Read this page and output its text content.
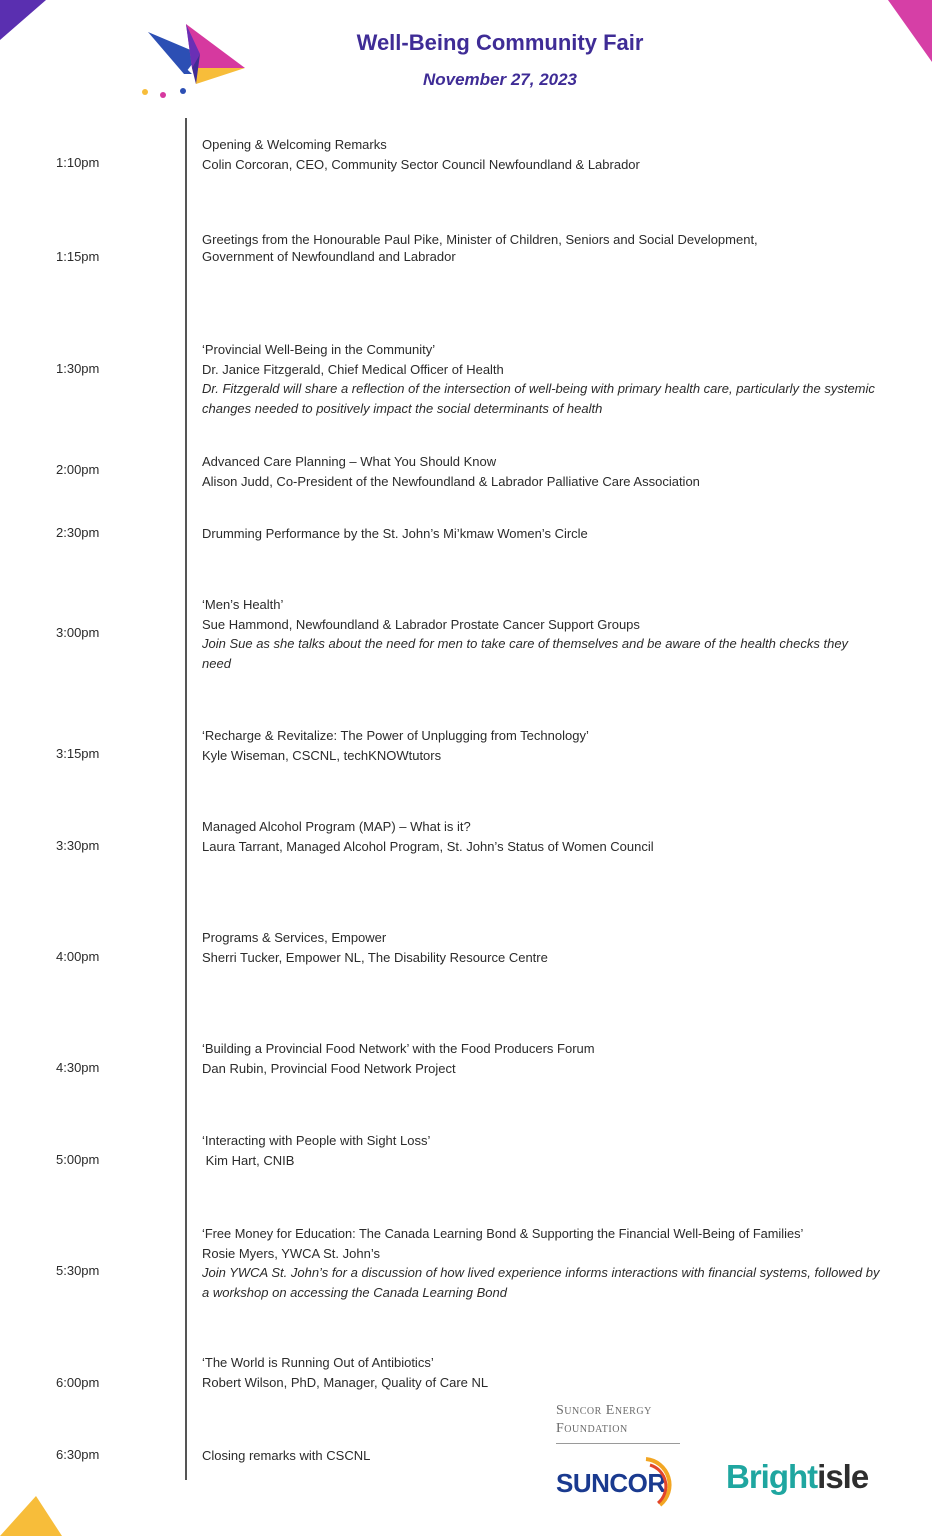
Well-Being Community Fair
November 27, 2023
1:10pm
Opening & Welcoming Remarks
Colin Corcoran, CEO, Community Sector Council Newfoundland & Labrador
1:15pm
Greetings from the Honourable Paul Pike, Minister of Children, Seniors and Social Development,
Government of Newfoundland and Labrador
1:30pm
‘Provincial Well-Being in the Community’
Dr. Janice Fitzgerald, Chief Medical Officer of Health
Dr. Fitzgerald will share a reflection of the intersection of well-being with primary health care, particularly the systemic changes needed to positively impact the social determinants of health
2:00pm
Advanced Care Planning – What You Should Know
Alison Judd, Co-President of the Newfoundland & Labrador Palliative Care Association
2:30pm	Drumming Performance by the St. John’s Mi’kmaw Women’s Circle
3:00pm
‘Men’s Health’
Sue Hammond, Newfoundland & Labrador Prostate Cancer Support Groups
Join Sue as she talks about the need for men to take care of themselves and be aware of the health checks they need
3:15pm
‘Recharge & Revitalize: The Power of Unplugging from Technology’
Kyle Wiseman, CSCNL, techKNOWtutors
3:30pm
Managed Alcohol Program (MAP) – What is it?
Laura Tarrant, Managed Alcohol Program, St. John’s Status of Women Council
4:00pm
Programs & Services, Empower
Sherri Tucker, Empower NL, The Disability Resource Centre
4:30pm
‘Building a Provincial Food Network’ with the Food Producers Forum
Dan Rubin, Provincial Food Network Project
5:00pm
‘Interacting with People with Sight Loss’
Kim Hart, CNIB
5:30pm
‘Free Money for Education: The Canada Learning Bond & Supporting the Financial Well-Being of Families’
Rosie Myers, YWCA St. John’s
Join YWCA St. John’s for a discussion of how lived experience informs interactions with financial systems, followed by a workshop on accessing the Canada Learning Bond
6:00pm
‘The World is Running Out of Antibiotics’
Robert Wilson, PhD, Manager, Quality of Care NL
6:30pm	Closing remarks with CSCNL
Suncor Energy
Foundation
SUNCOR Brightisle
